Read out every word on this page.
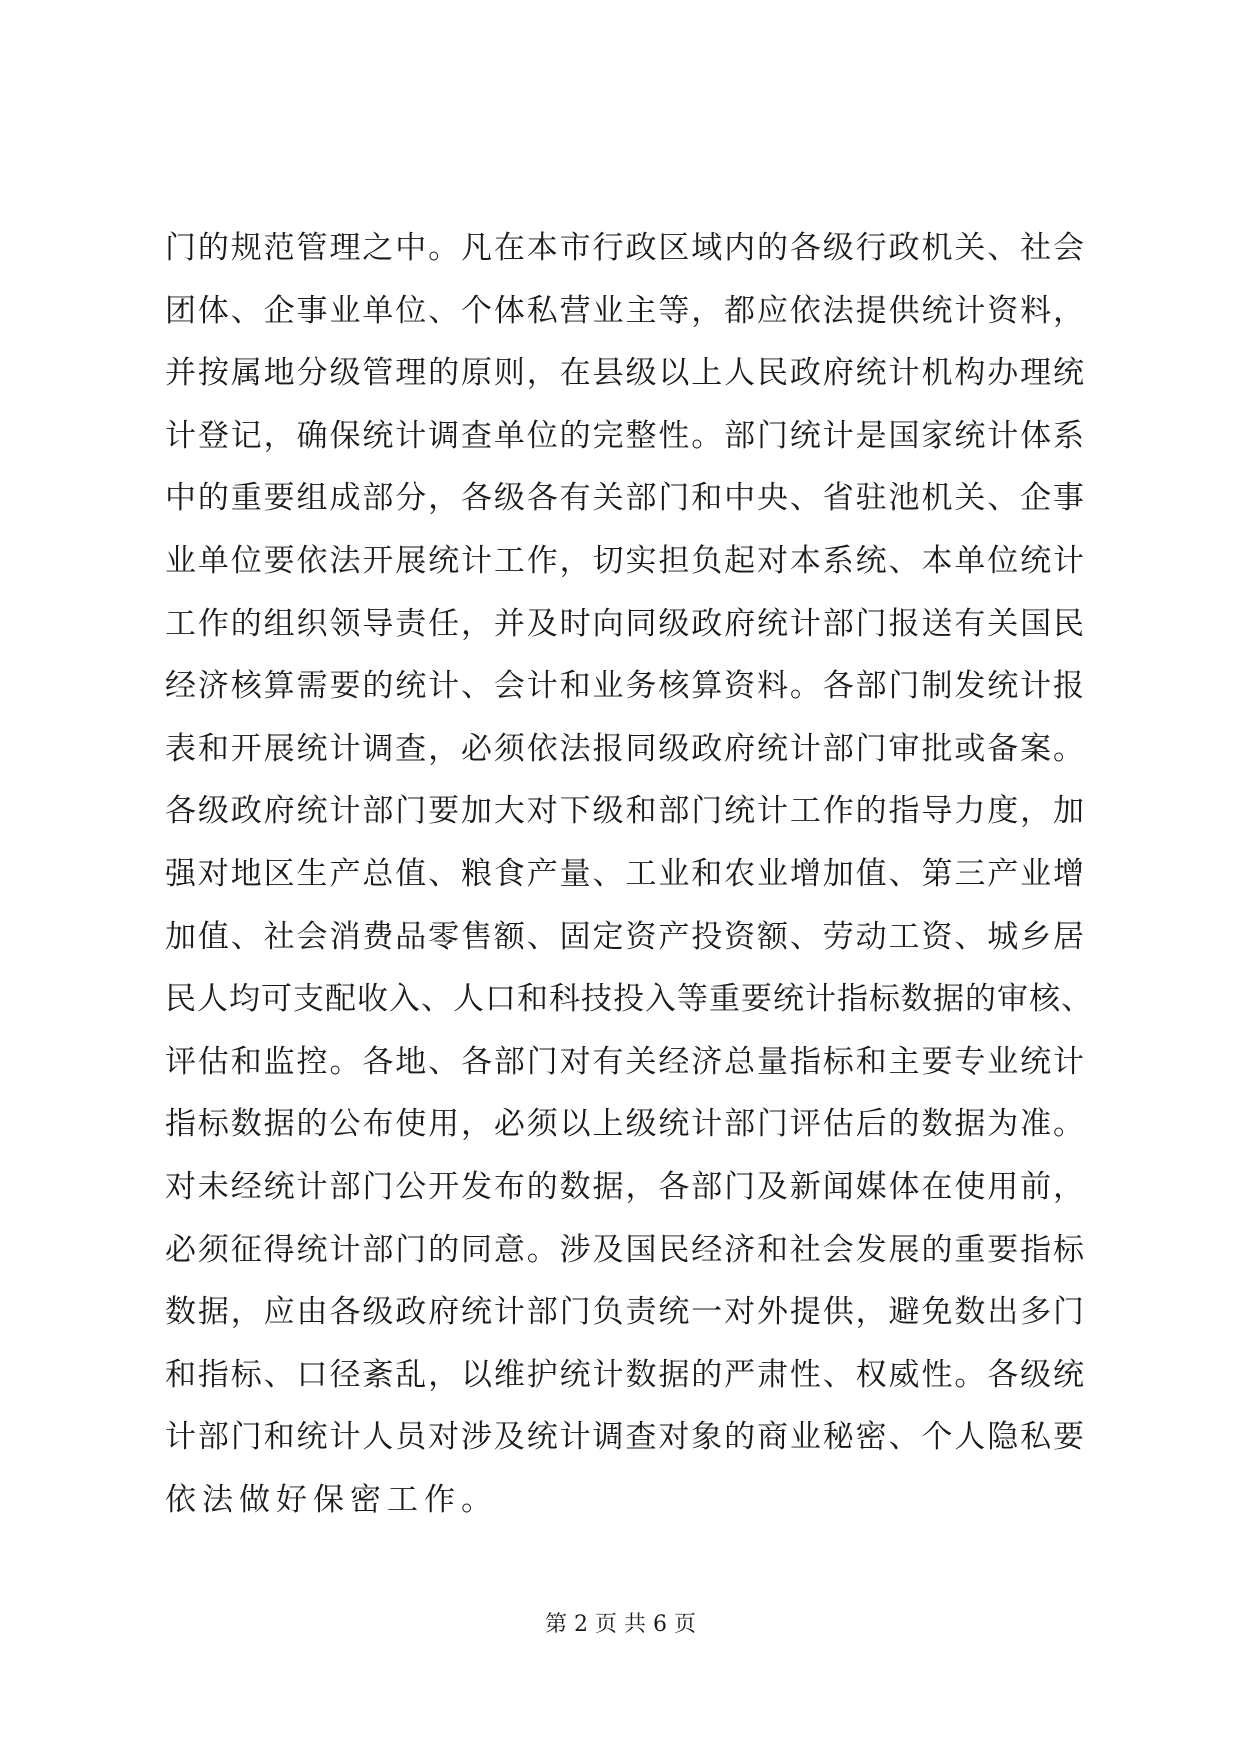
门的规范管理之中。凡在本市行政区域内的各级行政机关、社会
团体、企事业单位、个体私营业主等，都应依法提供统计资料，
并按属地分级管理的原则，在县级以上人民政府统计机构办理统
计登记，确保统计调查单位的完整性。部门统计是国家统计体系
中的重要组成部分，各级各有关部门和中央、省驻池机关、企事
业单位要依法开展统计工作，切实担负起对本系统、本单位统计
工作的组织领导责任，并及时向同级政府统计部门报送有关国民
经济核算需要的统计、会计和业务核算资料。各部门制发统计报
表和开展统计调查，必须依法报同级政府统计部门审批或备案。
各级政府统计部门要加大对下级和部门统计工作的指导力度，加
强对地区生产总值、粮食产量、工业和农业增加值、第三产业增
加值、社会消费品零售额、固定资产投资额、劳动工资、城乡居
民人均可支配收入、人口和科技投入等重要统计指标数据的审核、
评估和监控。各地、各部门对有关经济总量指标和主要专业统计
指标数据的公布使用，必须以上级统计部门评估后的数据为准。
对未经统计部门公开发布的数据，各部门及新闻媒体在使用前，
必须征得统计部门的同意。涉及国民经济和社会发展的重要指标
数据，应由各级政府统计部门负责统一对外提供，避免数出多门
和指标、口径紊乱，以维护统计数据的严肃性、权威性。各级统
计部门和统计人员对涉及统计调查对象的商业秘密、个人隐私要
依法做好保密工作。
第 2 页 共 6 页
